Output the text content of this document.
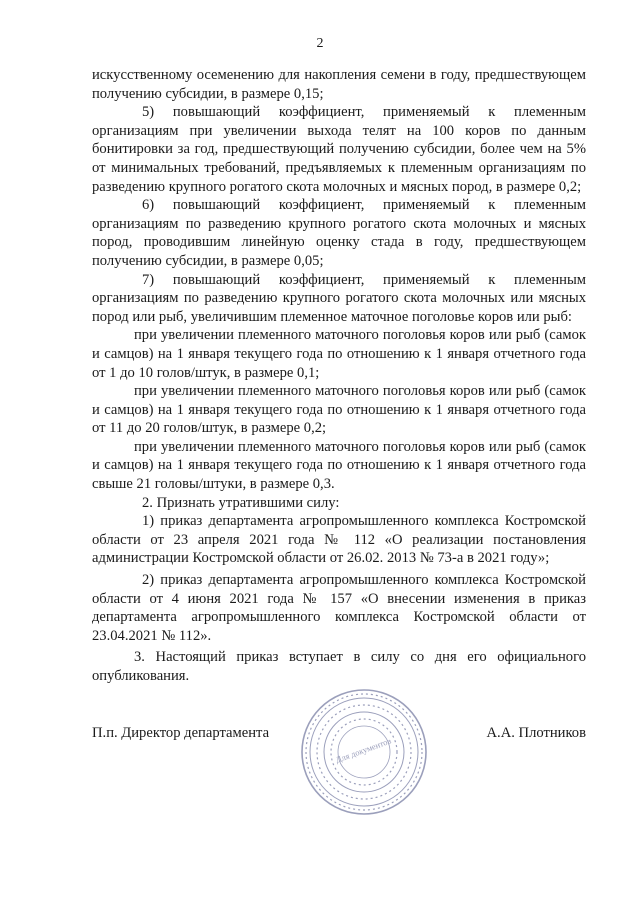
2

искусственному осеменению для накопления семени в году, предшествующем получению субсидии, в размере 0,15;

5) повышающий коэффициент, применяемый к племенным организациям при увеличении выхода телят на 100 коров по данным бонитировки за год, предшествующий получению субсидии, более чем на 5% от минимальных требований, предъявляемых к племенным организациям по разведению крупного рогатого скота молочных и мясных пород, в размере 0,2;

6) повышающий коэффициент, применяемый к племенным организациям по разведению крупного рогатого скота молочных и мясных пород, проводившим линейную оценку стада в году, предшествующем получению субсидии, в размере 0,05;

7) повышающий коэффициент, применяемый к племенным организациям по разведению крупного рогатого скота молочных или мясных пород или рыб, увеличившим племенное маточное поголовье коров или рыб:

при увеличении племенного маточного поголовья коров или рыб (самок и самцов) на 1 января текущего года по отношению к 1 января отчетного года от 1 до 10 голов/штук, в размере 0,1;

при увеличении племенного маточного поголовья коров или рыб (самок и самцов) на 1 января текущего года по отношению к 1 января отчетного года от 11 до 20 голов/штук, в размере 0,2;

при увеличении племенного маточного поголовья коров или рыб (самок и самцов) на 1 января текущего года по отношению к 1 января отчетного года свыше 21 головы/штуки, в размере 0,3.

2. Признать утратившими силу:

1) приказ департамента агропромышленного комплекса Костромской области от 23 апреля 2021 года № 112 «О реализации постановления администрации Костромской области от 26.02. 2013 № 73-а в 2021 году»;

2) приказ департамента агропромышленного комплекса Костромской области от 4 июня 2021 года № 157 «О внесении изменения в приказ департамента агропромышленного комплекса Костромской области от 23.04.2021 № 112».

3. Настоящий приказ вступает в силу со дня его официального опубликования.

П.п. Директор департамента	А.А. Плотников
Для документов
